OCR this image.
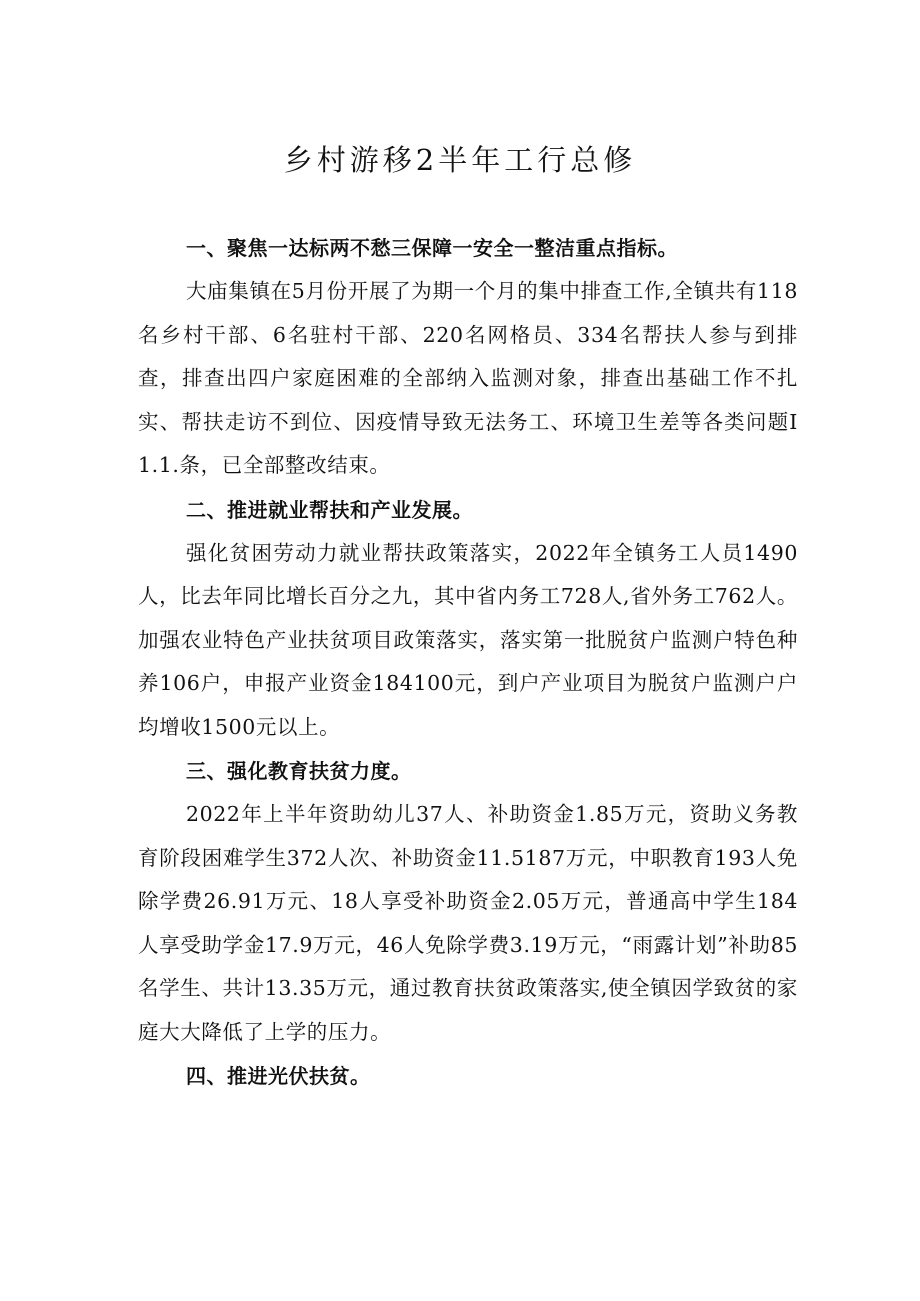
乡村游移2半年工行总修
一、聚焦一达标两不愁三保障一安全一整洁重点指标。

大庙集镇在5月份开展了为期一个月的集中排查工作,全镇共有118名乡村干部、6名驻村干部、220名网格员、334名帮扶人参与到排查，排查出四户家庭困难的全部纳入监测对象，排查出基础工作不扎实、帮扶走访不到位、因疫情导致无法务工、环境卫生差等各类问题I1.1.条，已全部整改结束。

二、推进就业帮扶和产业发展。

强化贫困劳动力就业帮扶政策落实，2022年全镇务工人员1490人，比去年同比增长百分之九，其中省内务工728人,省外务工762人。加强农业特色产业扶贫项目政策落实，落实第一批脱贫户监测户特色种养106户，申报产业资金184100元，到户产业项目为脱贫户监测户户均增收1500元以上。

三、强化教育扶贫力度。

2022年上半年资助幼儿37人、补助资金1.85万元，资助义务教育阶段困难学生372人次、补助资金11.5187万元，中职教育193人免除学费26.91万元、18人享受补助资金2.05万元，普通高中学生184人享受助学金17.9万元，46人免除学费3.19万元，“雨露计划”补助85名学生、共计13.35万元，通过教育扶贫政策落实,使全镇因学致贫的家庭大大降低了上学的压力。

四、推进光伏扶贫。
